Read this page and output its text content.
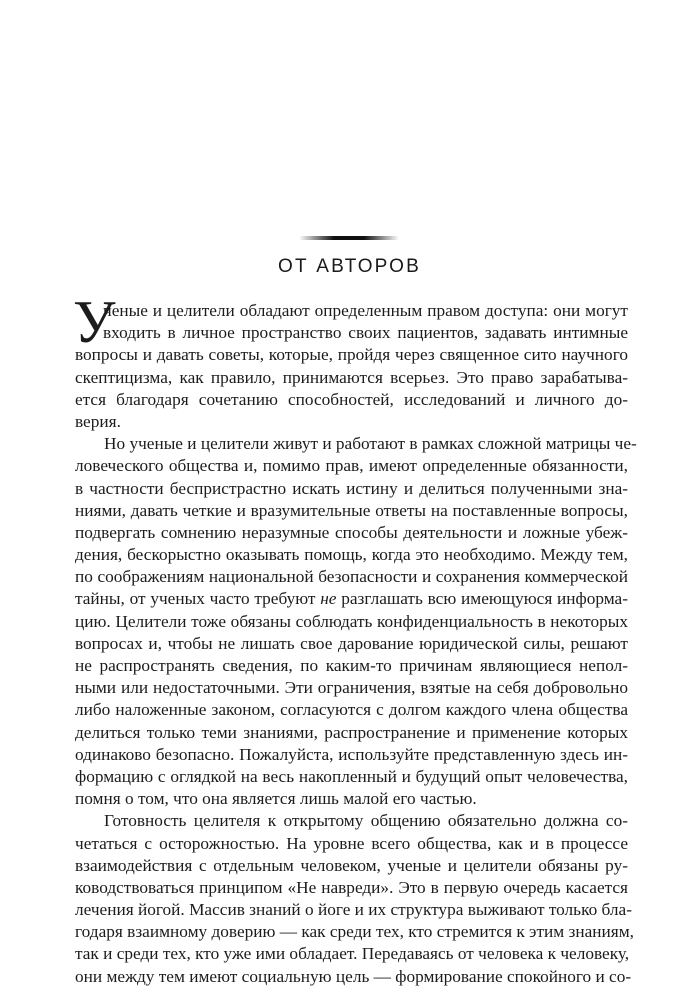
ОТ АВТОРОВ
У
ченые и целители обладают определенным правом доступа: они могут
входить в личное пространство своих пациентов, задавать интимные
вопросы и давать советы, которые, пройдя через священное сито научного
скептицизма, как правило, принимаются всерьез. Это право зарабатыва-
ется благодаря сочетанию способностей, исследований и личного до-
верия.
Но ученые и целители живут и работают в рамках сложной матрицы че-
ловеческого общества и, помимо прав, имеют определенные обязанности,
в частности беспристрастно искать истину и делиться полученными зна-
ниями, давать четкие и вразумительные ответы на поставленные вопросы,
подвергать сомнению неразумные способы деятельности и ложные убеж-
дения, бескорыстно оказывать помощь, когда это необходимо. Между тем,
по соображениям национальной безопасности и сохранения коммерческой
тайны, от ученых часто требуют не разглашать всю имеющуюся информа-
цию. Целители тоже обязаны соблюдать конфиденциальность в некоторых
вопросах и, чтобы не лишать свое дарование юридической силы, решают
не распространять сведения, по каким-то причинам являющиеся непол-
ными или недостаточными. Эти ограничения, взятые на себя добровольно
либо наложенные законом, согласуются с долгом каждого члена общества
делиться только теми знаниями, распространение и применение которых
одинаково безопасно. Пожалуйста, используйте представленную здесь ин-
формацию с оглядкой на весь накопленный и будущий опыт человечества,
помня о том, что она является лишь малой его частью.
Готовность целителя к открытому общению обязательно должна со-
четаться с осторожностью. На уровне всего общества, как и в процессе
взаимодействия с отдельным человеком, ученые и целители обязаны ру-
ководствоваться принципом «Не навреди». Это в первую очередь касается
лечения йогой. Массив знаний о йоге и их структура выживают только бла-
годаря взаимному доверию — как среди тех, кто стремится к этим знаниям,
так и среди тех, кто уже ими обладает. Передаваясь от человека к человеку,
они между тем имеют социальную цель — формирование спокойного и со-
